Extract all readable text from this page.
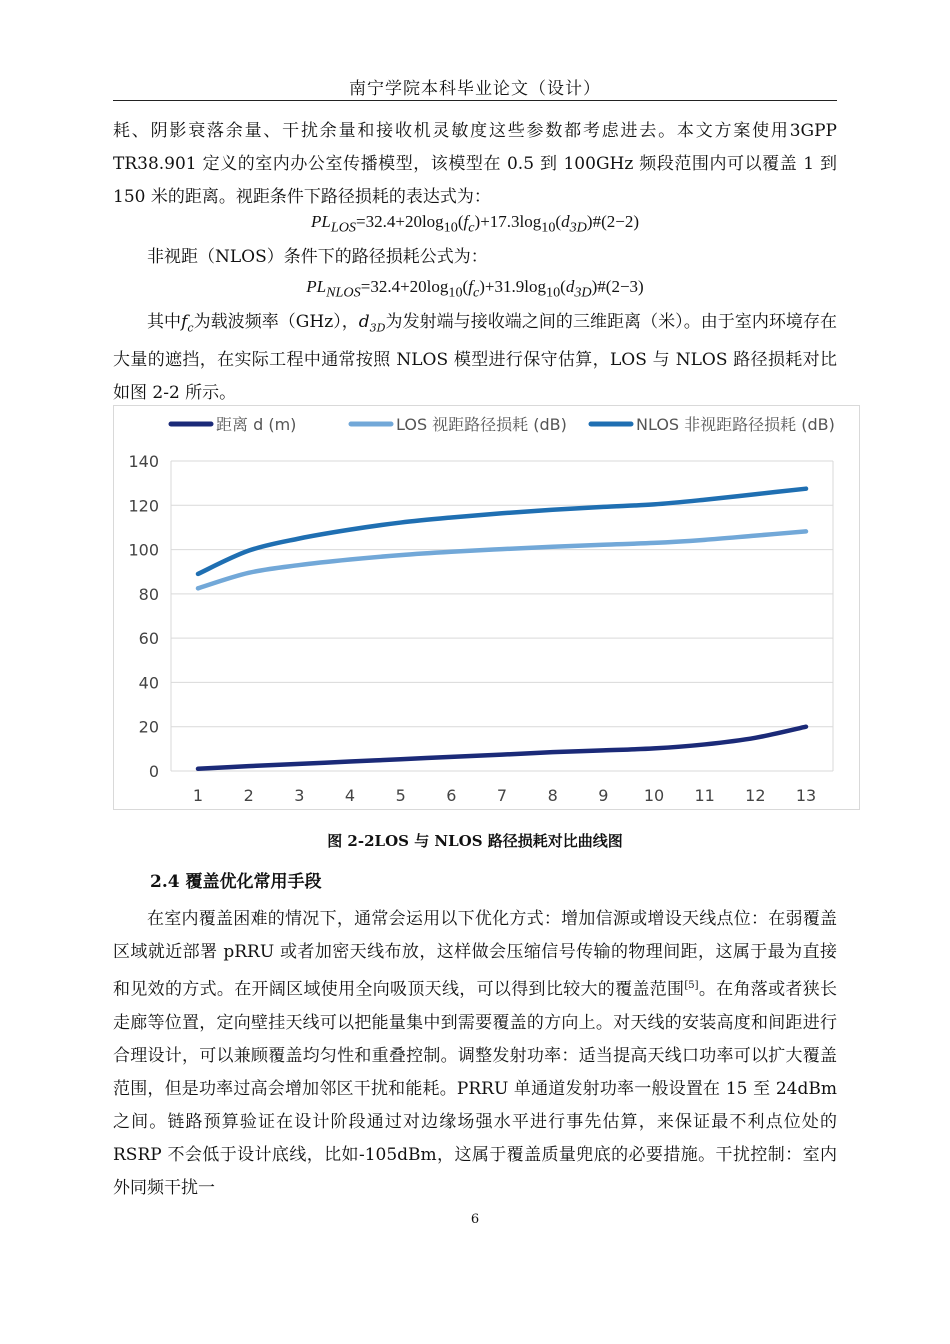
南宁学院本科毕业论文（设计）

耗、阴影衰落余量、干扰余量和接收机灵敏度这些参数都考虑进去。本文方案使用3GPP TR38.901 定义的室内办公室传播模型，该模型在 0.5 到 100GHz 频段范围内可以覆盖 1 到 150 米的距离。视距条件下路径损耗的表达式为：

$PL_{LOS}=32.4+20\log_{10}(f_c)+17.3\log_{10}(d_{3D})\#(2-2)$

非视距（NLOS）条件下的路径损耗公式为：

$PL_{NLOS}=32.4+20\log_{10}(f_c)+31.9\log_{10}(d_{3D})\#(2-3)$

其中$f_c$为载波频率（GHz），$d_{3D}$为发射端与接收端之间的三维距离（米）。由于室内环境存在大量的遮挡，在实际工程中通常按照 NLOS 模型进行保守估算，LOS 与 NLOS 路径损耗对比如图 2-2 所示。

0
20
40
60
80
100
120
140
1	2	3	4	5	6	7	8	9 10 11 12 13
距离 d (m)	LOS 视距路径损耗 (dB)	NLOS 非视距路径损耗 (dB)
图 2-2LOS 与 NLOS 路径损耗对比曲线图
2.4 覆盖优化常用手段

在室内覆盖困难的情况下，通常会运用以下优化方式：增加信源或增设天线点位：在弱覆盖区域就近部署 pRRU 或者加密天线布放，这样做会压缩信号传输的物理间距，这属于最为直接和见效的方式。在开阔区域使用全向吸顶天线，可以得到比较大的覆盖范围[5]。在角落或者狭长走廊等位置，定向壁挂天线可以把能量集中到需要覆盖的方向上。对天线的安装高度和间距进行合理设计，可以兼顾覆盖均匀性和重叠控制。调整发射功率：适当提高天线口功率可以扩大覆盖范围，但是功率过高会增加邻区干扰和能耗。PRRU 单通道发射功率一般设置在 15 至 24dBm 之间。链路预算验证在设计阶段通过对边缘场强水平进行事先估算，来保证最不利点位处的 RSRP 不会低于设计底线，比如-105dBm，这属于覆盖质量兜底的必要措施。干扰控制：室内外同频干扰一

6
